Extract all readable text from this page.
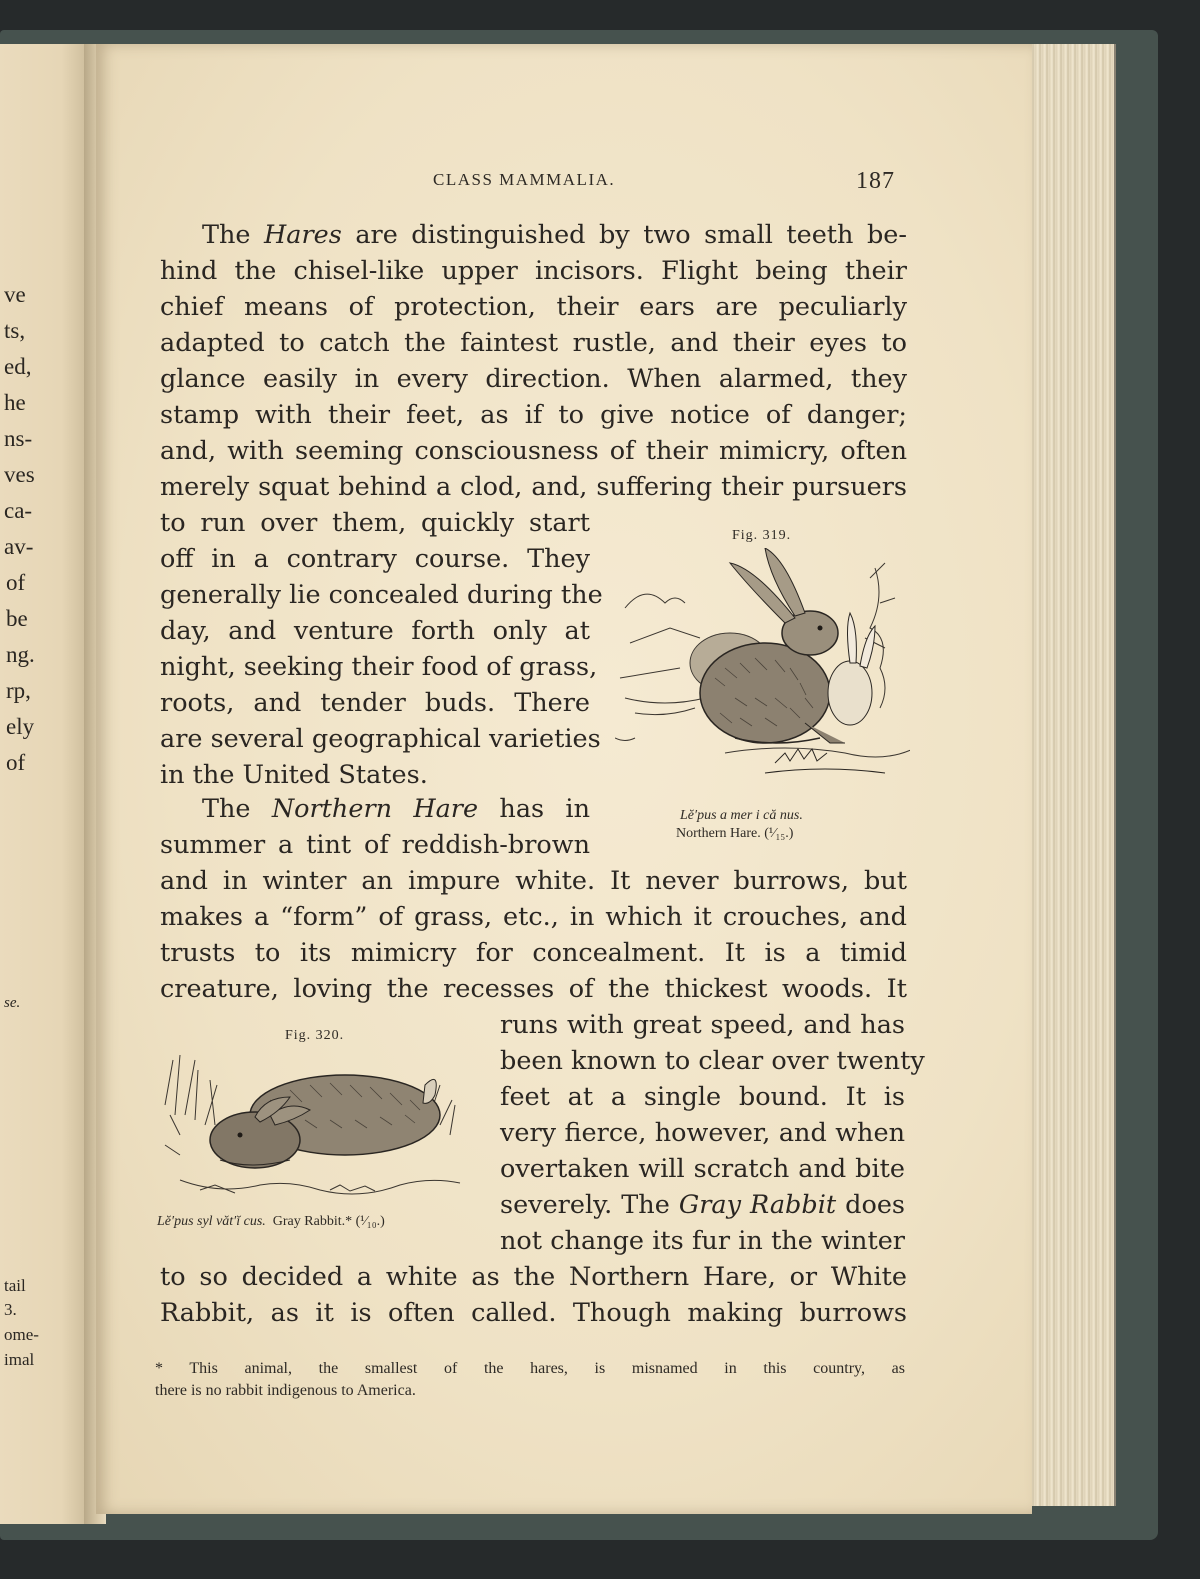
ve
ts,
ed,
he
ns-
ves
ca-
av-
of
be
ng.
rp,
ely
of
se.
tail
3.
ome-
imal
CLASS MAMMALIA.	187
The Hares are distinguished by two small teeth be-
hind the chisel-like upper incisors. Flight being their
chief means of protection, their ears are peculiarly
adapted to catch the faintest rustle, and their eyes to
glance easily in every direction. When alarmed, they
stamp with their feet, as if to give notice of danger;
and, with seeming consciousness of their mimicry, often
merely squat behind a clod, and, suffering their pursuers
to run over them, quickly start
off in a contrary course. They
generally lie concealed during the
day, and venture forth only at
night, seeking their food of grass,
roots, and tender buds. There
are several geographical varieties
in the United States.
The Northern Hare has in
summer a tint of reddish-brown
and in winter an impure white. It never burrows, but
makes a “form” of grass, etc., in which it crouches, and
trusts to its mimicry for concealment. It is a timid
creature, loving the recesses of the thickest woods. It
runs with great speed, and has
been known to clear over twenty
feet at a single bound. It is
very fierce, however, and when
overtaken will scratch and bite
severely. The Gray Rabbit does
not change its fur in the winter
to so decided a white as the Northern Hare, or White
Rabbit, as it is often called. Though making burrows
Fig. 319.
Lĕ′pus a mer i că nus.
Northern Hare. (¹⁄₁₅.)
Fig. 320.
Lĕ′pus syl văt′ĭ cus. Gray Rabbit.* (¹⁄₁₀.)
* This animal, the smallest of the hares, is misnamed in this country, as
there is no rabbit indigenous to America.
